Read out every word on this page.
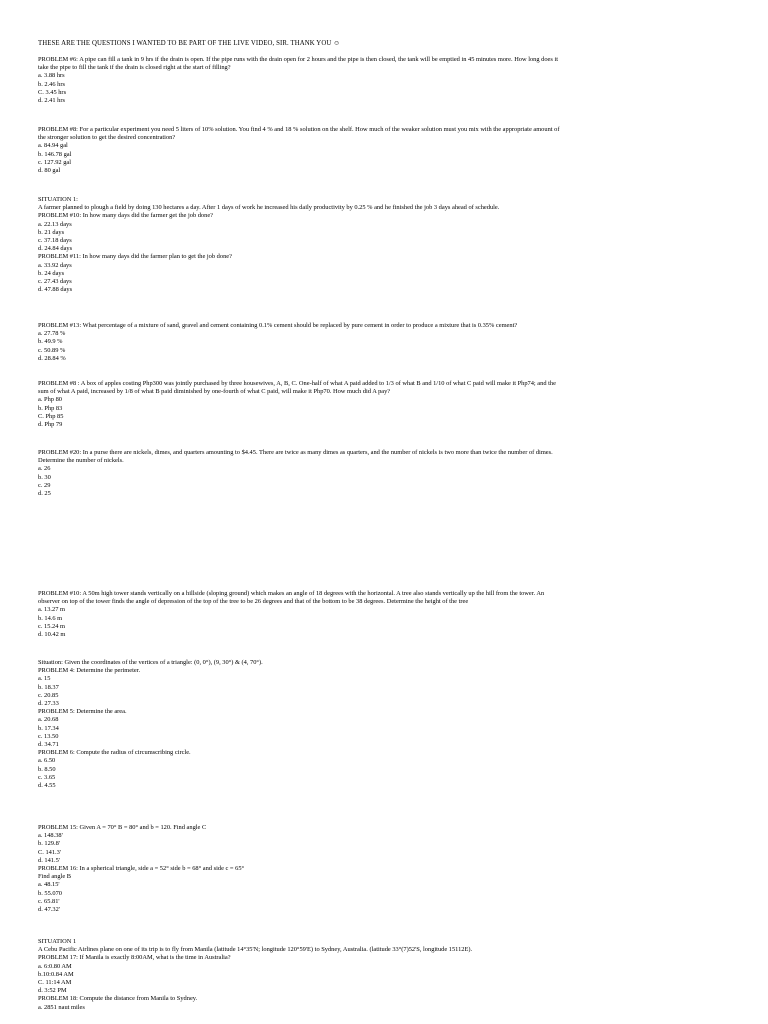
THESE ARE THE QUESTIONS I WANTED TO BE PART OF THE LIVE VIDEO, SIR. THANK YOU ☺
PROBLEM #6: A pipe can fill a tank in 9 hrs if the drain is open. If the pipe runs with the drain open for 2 hours and the pipe is then closed, the tank will be emptied in 45 minutes more. How long does it
take the pipe to fill the tank if the drain is closed right at the start of filling?
a. 3.88 hrs
b. 2.46 hrs
C. 3.45 hrs
d. 2.41 hrs
PROBLEM #8: For a particular experiment you need 5 liters of 10% solution. You find 4 % and 18 % solution on the shelf. How much of the weaker solution must you mix with the appropriate amount of
the stronger solution to get the desired concentration?
a. 84.94 gal
b. 146.78 gal
c. 127.92 gal
d. 80 gal
SITUATION 1:
A farmer planned to plough a field by doing 130 hectares a day. After 1 days of work he increased his daily productivity by 0.25 % and he finished the job 3 days ahead of schedule.
PROBLEM #10: In how many days did the farmer get the job done?
a. 22.13 days
b. 21 days
c. 37.18 days
d. 24.84 days
PROBLEM #11: In how many days did the farmer plan to get the job done?
a. 33.92 days
b. 24 days
c. 27.43 days
d. 47.88 days
PROBLEM #13: What percentage of a mixture of sand, gravel and cement containing 0.1% cement should be replaced by pure cement in order to produce a mixture that is 0.35% cement?
a. 27.78 %
b. 49.9 %
c. 50.89 %
d. 28.84 %
PROBLEM #8 : A box of apples costing Php300 was jointly purchased by three housewives, A, B, C. One-half of what A paid added to 1/3 of what B and 1/10 of what C paid will make it Php74; and the
sum of what A paid, increased by 1/8 of what B paid diminished by one-fourth of what C paid, will make it Php70. How much did A pay?
a. Php 80
b. Php 83
C. Php 85
d. Php 79
PROBLEM #20: In a purse there are nickels, dimes, and quarters amounting to $4.45. There are twice as many dimes as quarters, and the number of nickels is two more than twice the number of dimes.
Determine the number of nickels.
a. 26
b. 30
c. 29
d. 25
PROBLEM #10: A 50m high tower stands vertically on a hillside (sloping ground) which makes an angle of 18 degrees with the horizontal. A tree also stands vertically up the hill from the tower. An
observer on top of the tower finds the angle of depression of the top of the tree to be 26 degrees and that of the bottom to be 38 degrees. Determine the height of the tree
a. 13.27 m
b. 14.6 m
c. 15.24 m
d. 10.42 m
Situation: Given the coordinates of the vertices of a triangle: (0, 0°), (9, 30°) & (4, 70°).
PROBLEM 4: Determine the perimeter.
a. 15
b. 18.37
c. 20.85
d. 27.33
PROBLEM 5: Determine the area.
a. 20.68
b. 17.34
c. 13.50
d. 34.71
PROBLEM 6: Compute the radius of circumscribing circle.
a. 6.50
b. 8.50
c. 3.65
d. 4.55
PROBLEM 15: Given A = 70° B = 80° and b = 120. Find angle C
a. 148.38'
b. 129.8'
C. 141.3'
d. 141.5'
PROBLEM 16: In a spherical triangle, side a = 52° side b = 68° and side c = 65°
Find angle B
a. 48.15'
b. 55.070
c. 65.81'
d. 47.32'
SITUATION 1
A Cebu Pacific Airlines plane on one of its trip is to fly from Manila (latitude 14°35'N; longitude 120°59'E) to Sydney, Australia. (latitude 33°(7)52'S, longitude 15112E).
PROBLEM 17: If Manila is exactly 8:00AM, what is the time in Australia?
a. 6:0.80 AM
b.10:0.84 AM
C. 11:14 AM
d. 3:52 PM
PROBLEM 18: Compute the distance from Manila to Sydney.
a. 2851 naut miles
